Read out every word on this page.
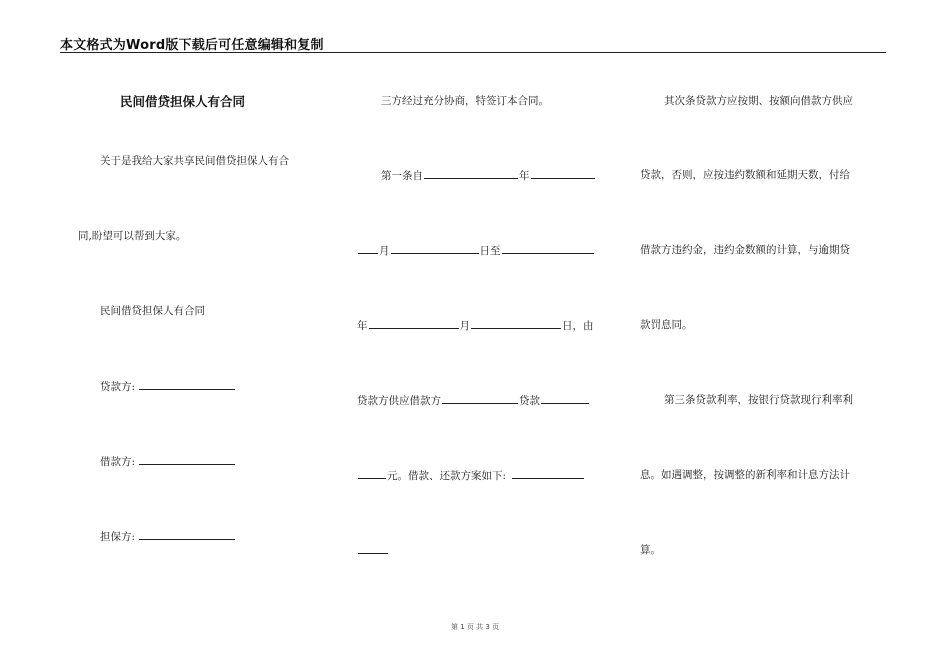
本文格式为Word版下载后可任意编辑和复制
民间借贷担保人有合同
关于是我给大家共享民间借贷担保人有合
同,盼望可以帮到大家。
民间借贷担保人有合同
贷款方:
借款方:
担保方:
三方经过充分协商，特签订本合同。
第一条自	年
月	日至
年	月	日，由
贷款方供应借款方	贷款
元。借款、还款方案如下:
其次条贷款方应按期、按额向借款方供应
贷款，否则，应按违约数额和延期天数，付给
借款方违约金，违约金数额的计算，与逾期贷
款罚息同。
第三条贷款利率，按银行贷款现行利率利
息。如遇调整，按调整的新利率和计息方法计
算。
第 1 页 共 3 页
